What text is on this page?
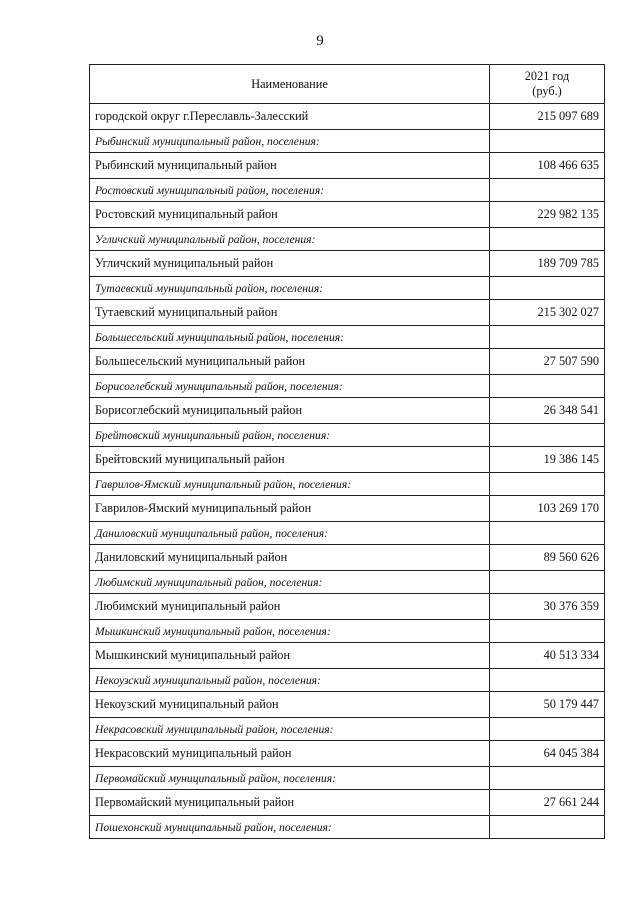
9
Наименование	2021 год
(руб.)
городской округ г.Переславль-Залесский	215 097 689
Рыбинский муниципальный район, поселения:	
Рыбинский муниципальный район	108 466 635
Ростовский муниципальный район, поселения:	
Ростовский муниципальный район	229 982 135
Угличский муниципальный район, поселения:	
Угличский муниципальный район	189 709 785
Тутаевский муниципальный район, поселения:	
Тутаевский муниципальный район	215 302 027
Большесельский муниципальный район, поселения:	
Большесельский муниципальный район	27 507 590
Борисоглебский муниципальный район, поселения:	
Борисоглебский муниципальный район	26 348 541
Брейтовский муниципальный район, поселения:	
Брейтовский муниципальный район	19 386 145
Гаврилов-Ямский муниципальный район, поселения:	
Гаврилов-Ямский муниципальный район	103 269 170
Даниловский муниципальный район, поселения:	
Даниловский муниципальный район	89 560 626
Любимский муниципальный район, поселения:	
Любимский муниципальный район	30 376 359
Мышкинский муниципальный район, поселения:	
Мышкинский муниципальный район	40 513 334
Некоузский муниципальный район, поселения:	
Некоузский муниципальный район	50 179 447
Некрасовский муниципальный район, поселения:	
Некрасовский муниципальный район	64 045 384
Первомайский муниципальный район, поселения:	
Первомайский муниципальный район	27 661 244
Пошехонский муниципальный район, поселения:	
